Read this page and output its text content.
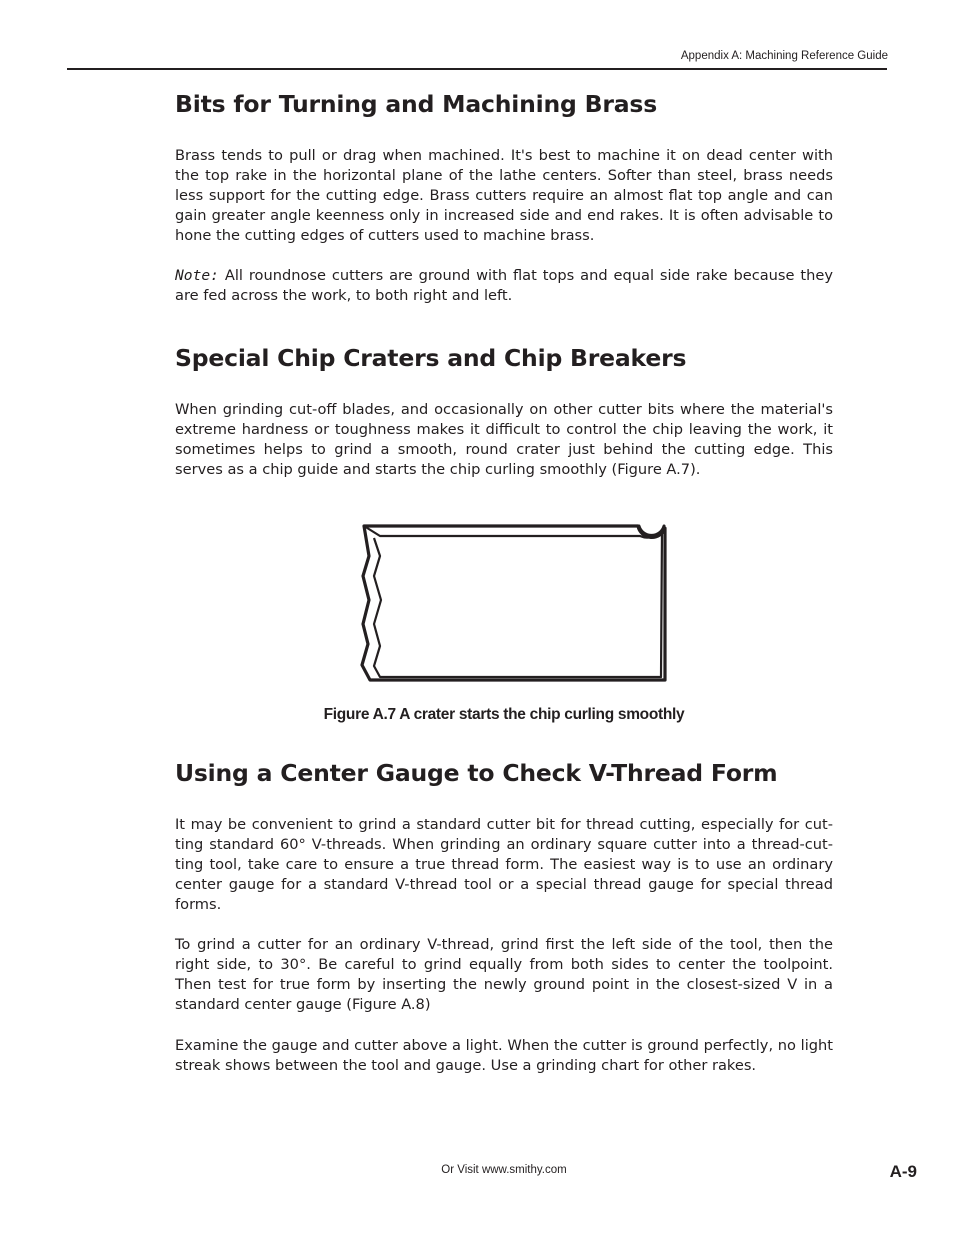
Appendix A: Machining Reference Guide
Bits for Turning and Machining Brass

Brass tends to pull or drag when machined. It's best to machine it on dead center with the top rake in the horizontal plane of the lathe centers. Softer than steel, brass needs less support for the cutting edge. Brass cutters require an almost flat top angle and can gain greater angle keenness only in increased side and end rakes. It is often advisable to hone the cutting edges of cutters used to machine brass.

Note: All roundnose cutters are ground with flat tops and equal side rake because they are fed across the work, to both right and left.

Special Chip Craters and Chip Breakers

When grinding cut-off blades, and occasionally on other cutter bits where the material's extreme hardness or toughness makes it difficult to control the chip leaving the work, it sometimes helps to grind a smooth, round crater just behind the cutting edge. This serves as a chip guide and starts the chip curling smoothly (Figure A.7).

Figure A.7 A crater starts the chip curling smoothly

Using a Center Gauge to Check V-Thread Form

It may be convenient to grind a standard cutter bit for thread cutting, especially for cut-ting standard 60° V-threads. When grinding an ordinary square cutter into a thread-cut-ting tool, take care to ensure a true thread form. The easiest way is to use an ordinary center gauge for a standard V-thread tool or a special thread gauge for special thread forms.

To grind a cutter for an ordinary V-thread, grind first the left side of the tool, then the right side, to 30°. Be careful to grind equally from both sides to center the toolpoint. Then test for true form by inserting the newly ground point in the closest-sized V in a standard center gauge (Figure A.8)

Examine the gauge and cutter above a light. When the cutter is ground perfectly, no light streak shows between the tool and gauge. Use a grinding chart for other rakes.

Or Visit www.smithy.com	A-9
